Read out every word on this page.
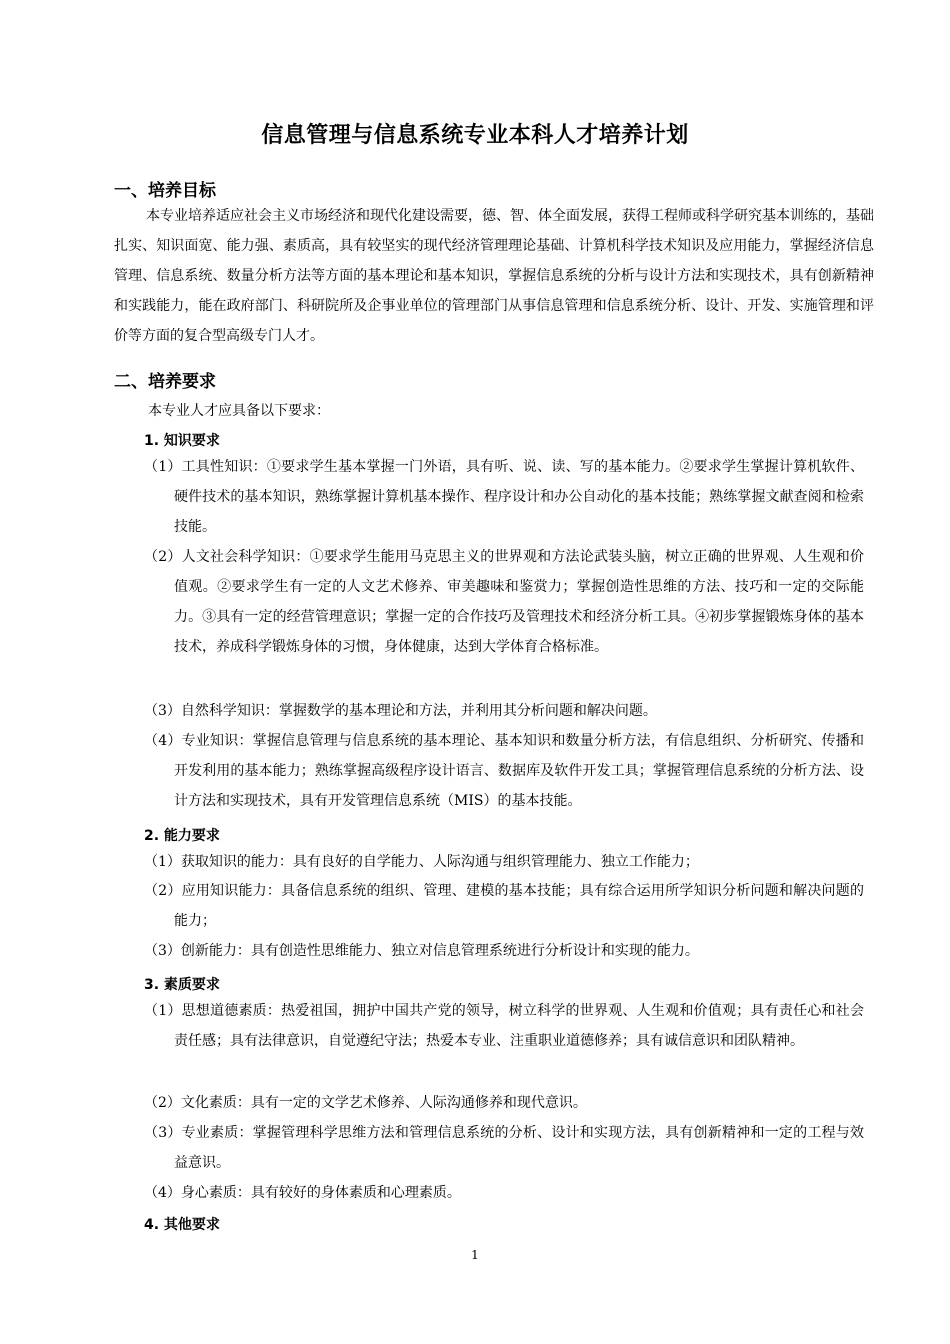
信息管理与信息系统专业本科人才培养计划
一、培养目标
本专业培养适应社会主义市场经济和现代化建设需要，德、智、体全面发展，获得工程师或科学研究基本训练的，基础扎实、知识面宽、能力强、素质高，具有较坚实的现代经济管理理论基础、计算机科学技术知识及应用能力，掌握经济信息管理、信息系统、数量分析方法等方面的基本理论和基本知识，掌握信息系统的分析与设计方法和实现技术，具有创新精神和实践能力，能在政府部门、科研院所及企事业单位的管理部门从事信息管理和信息系统分析、设计、开发、实施管理和评价等方面的复合型高级专门人才。
二、培养要求
本专业人才应具备以下要求：
1. 知识要求
（1）工具性知识：①要求学生基本掌握一门外语，具有听、说、读、写的基本能力。②要求学生掌握计算机软件、硬件技术的基本知识，熟练掌握计算机基本操作、程序设计和办公自动化的基本技能；熟练掌握文献查阅和检索技能。
（2）人文社会科学知识：①要求学生能用马克思主义的世界观和方法论武装头脑，树立正确的世界观、人生观和价值观。②要求学生有一定的人文艺术修养、审美趣味和鉴赏力；掌握创造性思维的方法、技巧和一定的交际能力。③具有一定的经营管理意识；掌握一定的合作技巧及管理技术和经济分析工具。④初步掌握锻炼身体的基本技术，养成科学锻炼身体的习惯，身体健康，达到大学体育合格标准。
（3）自然科学知识：掌握数学的基本理论和方法，并利用其分析问题和解决问题。
（4）专业知识：掌握信息管理与信息系统的基本理论、基本知识和数量分析方法，有信息组织、分析研究、传播和开发利用的基本能力；熟练掌握高级程序设计语言、数据库及软件开发工具；掌握管理信息系统的分析方法、设计方法和实现技术，具有开发管理信息系统（MIS）的基本技能。
2. 能力要求
（1）获取知识的能力：具有良好的自学能力、人际沟通与组织管理能力、独立工作能力；
（2）应用知识能力：具备信息系统的组织、管理、建模的基本技能；具有综合运用所学知识分析问题和解决问题的能力；
（3）创新能力：具有创造性思维能力、独立对信息管理系统进行分析设计和实现的能力。
3. 素质要求
（1）思想道德素质：热爱祖国，拥护中国共产党的领导，树立科学的世界观、人生观和价值观；具有责任心和社会责任感；具有法律意识，自觉遵纪守法；热爱本专业、注重职业道德修养；具有诚信意识和团队精神。
（2）文化素质：具有一定的文学艺术修养、人际沟通修养和现代意识。
（3）专业素质：掌握管理科学思维方法和管理信息系统的分析、设计和实现方法，具有创新精神和一定的工程与效益意识。
（4）身心素质：具有较好的身体素质和心理素质。
4. 其他要求
1
